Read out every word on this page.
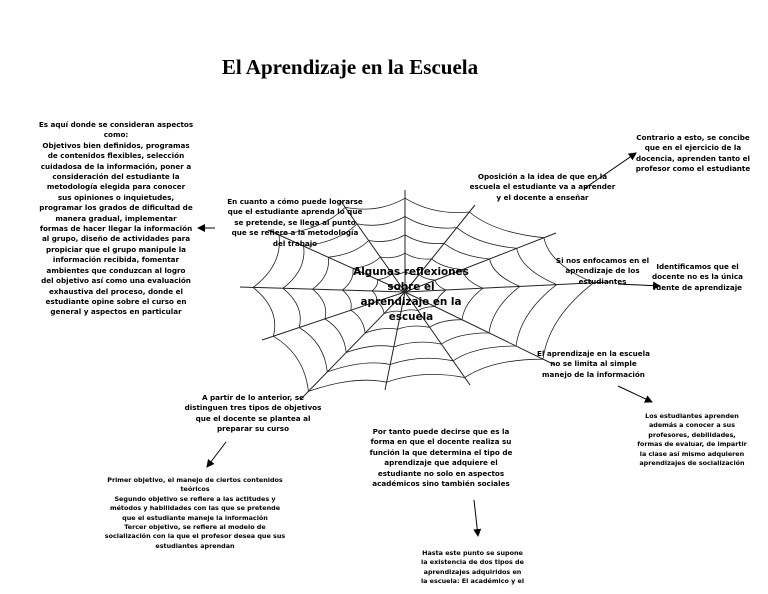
El Aprendizaje en la Escuela
Algunas reflexiones
sobre el
aprendizaje en la
escuela
Es aquí donde se consideran aspectos
como:
Objetivos bien definidos, programas
de contenidos flexibles, selección
cuidadosa de la información, poner a
consideración del estudiante la
metodología elegida para conocer
sus opiniones o inquietudes,
programar los grados de dificultad de
manera gradual, implementar
formas de hacer llegar la información
al grupo, diseño de actividades para
propiciar que el grupo manipule la
información recibida, fomentar
ambientes que conduzcan al logro
del objetivo así como una evaluación
exhaustiva del proceso, donde el
estudiante opine sobre el curso en
general y aspectos en particular
En cuanto a cómo puede lograrse
que el estudiante aprenda lo que
se pretende, se llega al punto
que se refiere a la metodología
del trabajo
Oposición a la idea de que en la
escuela el estudiante va a aprender
y el docente a enseñar
Contrario a esto, se concibe
que en el ejercicio de la
docencia, aprenden tanto el
profesor como el estudiante
Si nos enfocamos en el
aprendizaje de los
estudiantes
Identificamos que el
docente no es la única
fuente de aprendizaje
El aprendizaje en la escuela
no se limita al simple
manejo de la información
Los estudiantes aprenden
además a conocer a sus
profesores, debilidades,
formas de evaluar, de impartir
la clase así mismo adquieren
aprendizajes de socialización
A partir de lo anterior, se
distinguen tres tipos de objetivos
que el docente se plantea al
preparar su curso
Primer objetivo, el manejo de ciertos contenidos
teóricos
Segundo objetivo se refiere a las actitudes y
métodos y habilidades con las que se pretende
que el estudiante maneje la información
Tercer objetivo, se refiere al modelo de
socialización con la que el profesor desea que sus
estudiantes aprendan
Por tanto puede decirse que es la
forma en que el docente realiza su
función la que determina el tipo de
aprendizaje que adquiere el
estudiante no solo en aspectos
académicos sino también sociales
Hasta este punto se supone
la existencia de dos tipos de
aprendizajes adquiridos en
la escuela: El académico y el
